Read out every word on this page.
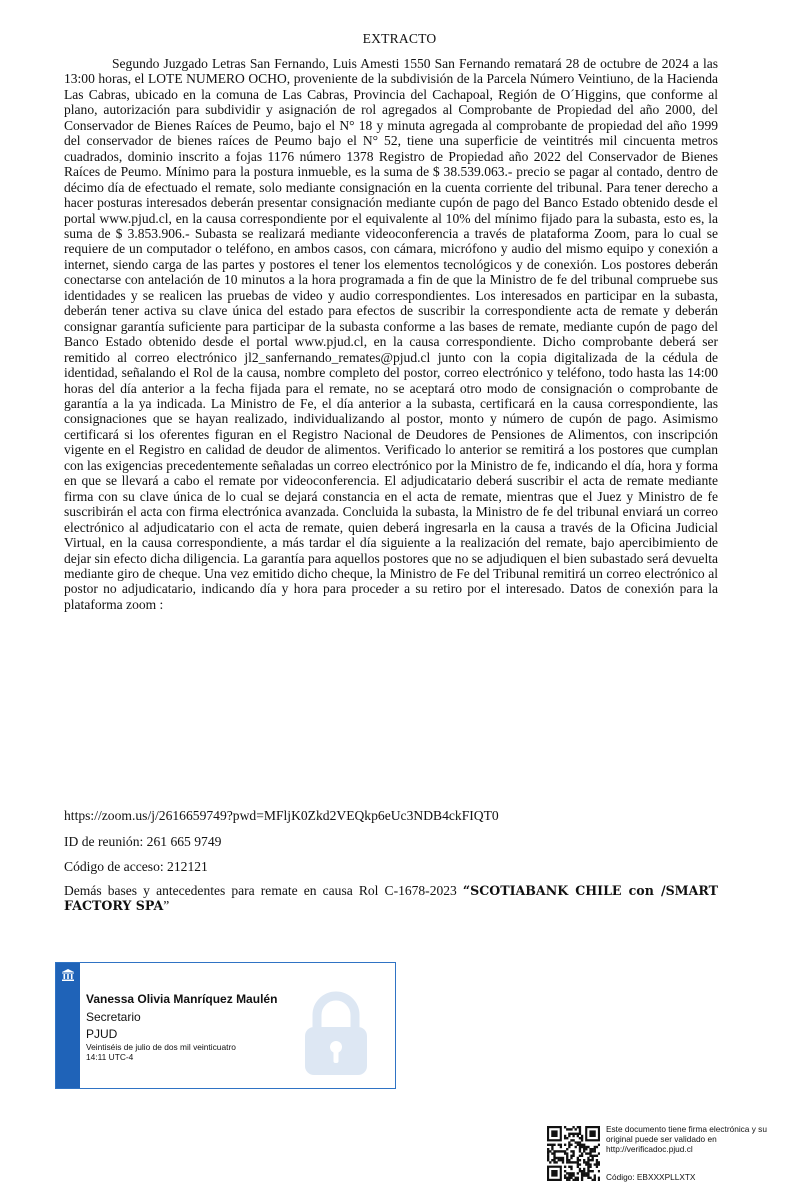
EXTRACTO

Segundo Juzgado Letras San Fernando, Luis Amesti 1550 San Fernando rematará 28 de octubre de 2024 a las 13:00 horas, el LOTE NUMERO OCHO, proveniente de la subdivisión de la Parcela Número Veintiuno, de la Hacienda Las Cabras, ubicado en la comuna de Las Cabras, Provincia del Cachapoal, Región de O´Higgins, que conforme al plano, autorización para subdividir y asignación de rol agregados al Comprobante de Propiedad del año 2000, del Conservador de Bienes Raíces de Peumo, bajo el N° 18 y minuta agregada al comprobante de propiedad del año 1999 del conservador de bienes raíces de Peumo bajo el N° 52, tiene una superficie de veintitrés mil cincuenta metros cuadrados, dominio inscrito a fojas 1176 número 1378 Registro de Propiedad año 2022 del Conservador de Bienes Raíces de Peumo. Mínimo para la postura inmueble, es la suma de $ 38.539.063.- precio se pagar al contado, dentro de décimo día de efectuado el remate, solo mediante consignación en la cuenta corriente del tribunal. Para tener derecho a hacer posturas interesados deberán presentar consignación mediante cupón de pago del Banco Estado obtenido desde el portal www.pjud.cl, en la causa correspondiente por el equivalente al 10% del mínimo fijado para la subasta, esto es, la suma de $ 3.853.906.- Subasta se realizará mediante videoconferencia a través de plataforma Zoom, para lo cual se requiere de un computador o teléfono, en ambos casos, con cámara, micrófono y audio del mismo equipo y conexión a internet, siendo carga de las partes y postores el tener los elementos tecnológicos y de conexión. Los postores deberán conectarse con antelación de 10 minutos a la hora programada a fin de que la Ministro de fe del tribunal compruebe sus identidades y se realicen las pruebas de video y audio correspondientes. Los interesados en participar en la subasta, deberán tener activa su clave única del estado para efectos de suscribir la correspondiente acta de remate y deberán consignar garantía suficiente para participar de la subasta conforme a las bases de remate, mediante cupón de pago del Banco Estado obtenido desde el portal www.pjud.cl, en la causa correspondiente. Dicho comprobante deberá ser remitido al correo electrónico jl2_sanfernando_remates@pjud.cl junto con la copia digitalizada de la cédula de identidad, señalando el Rol de la causa, nombre completo del postor, correo electrónico y teléfono, todo hasta las 14:00 horas del día anterior a la fecha fijada para el remate, no se aceptará otro modo de consignación o comprobante de garantía a la ya indicada. La Ministro de Fe, el día anterior a la subasta, certificará en la causa correspondiente, las consignaciones que se hayan realizado, individualizando al postor, monto y número de cupón de pago. Asimismo certificará si los oferentes figuran en el Registro Nacional de Deudores de Pensiones de Alimentos, con inscripción vigente en el Registro en calidad de deudor de alimentos. Verificado lo anterior se remitirá a los postores que cumplan con las exigencias precedentemente señaladas un correo electrónico por la Ministro de fe, indicando el día, hora y forma en que se llevará a cabo el remate por videoconferencia. El adjudicatario deberá suscribir el acta de remate mediante firma con su clave única de lo cual se dejará constancia en el acta de remate, mientras que el Juez y Ministro de fe suscribirán el acta con firma electrónica avanzada. Concluida la subasta, la Ministro de fe del tribunal enviará un correo electrónico al adjudicatario con el acta de remate, quien deberá ingresarla en la causa a través de la Oficina Judicial Virtual, en la causa correspondiente, a más tardar el día siguiente a la realización del remate, bajo apercibimiento de dejar sin efecto dicha diligencia. La garantía para aquellos postores que no se adjudiquen el bien subastado será devuelta mediante giro de cheque. Una vez emitido dicho cheque, la Ministro de Fe del Tribunal remitirá un correo electrónico al postor no adjudicatario, indicando día y hora para proceder a su retiro por el interesado. Datos de conexión para la plataforma zoom :

https://zoom.us/j/2616659749?pwd=MFljK0Zkd2VEQkp6eUc3NDB4ckFIQT0
ID de reunión: 261 665 9749
Código de acceso: 212121

Demás bases y antecedentes para remate en causa Rol C-1678-2023 “SCOTIABANK CHILE con /SMART FACTORY SPA”

Vanessa Olivia Manríquez Maulén
Secretario
PJUD
Veintiséis de julio de dos mil veinticuatro
14:11 UTC-4
Este documento tiene firma electrónica y su original puede ser validado en http://verificadoc.pjud.cl
Código: EBXXXPLLXTX
